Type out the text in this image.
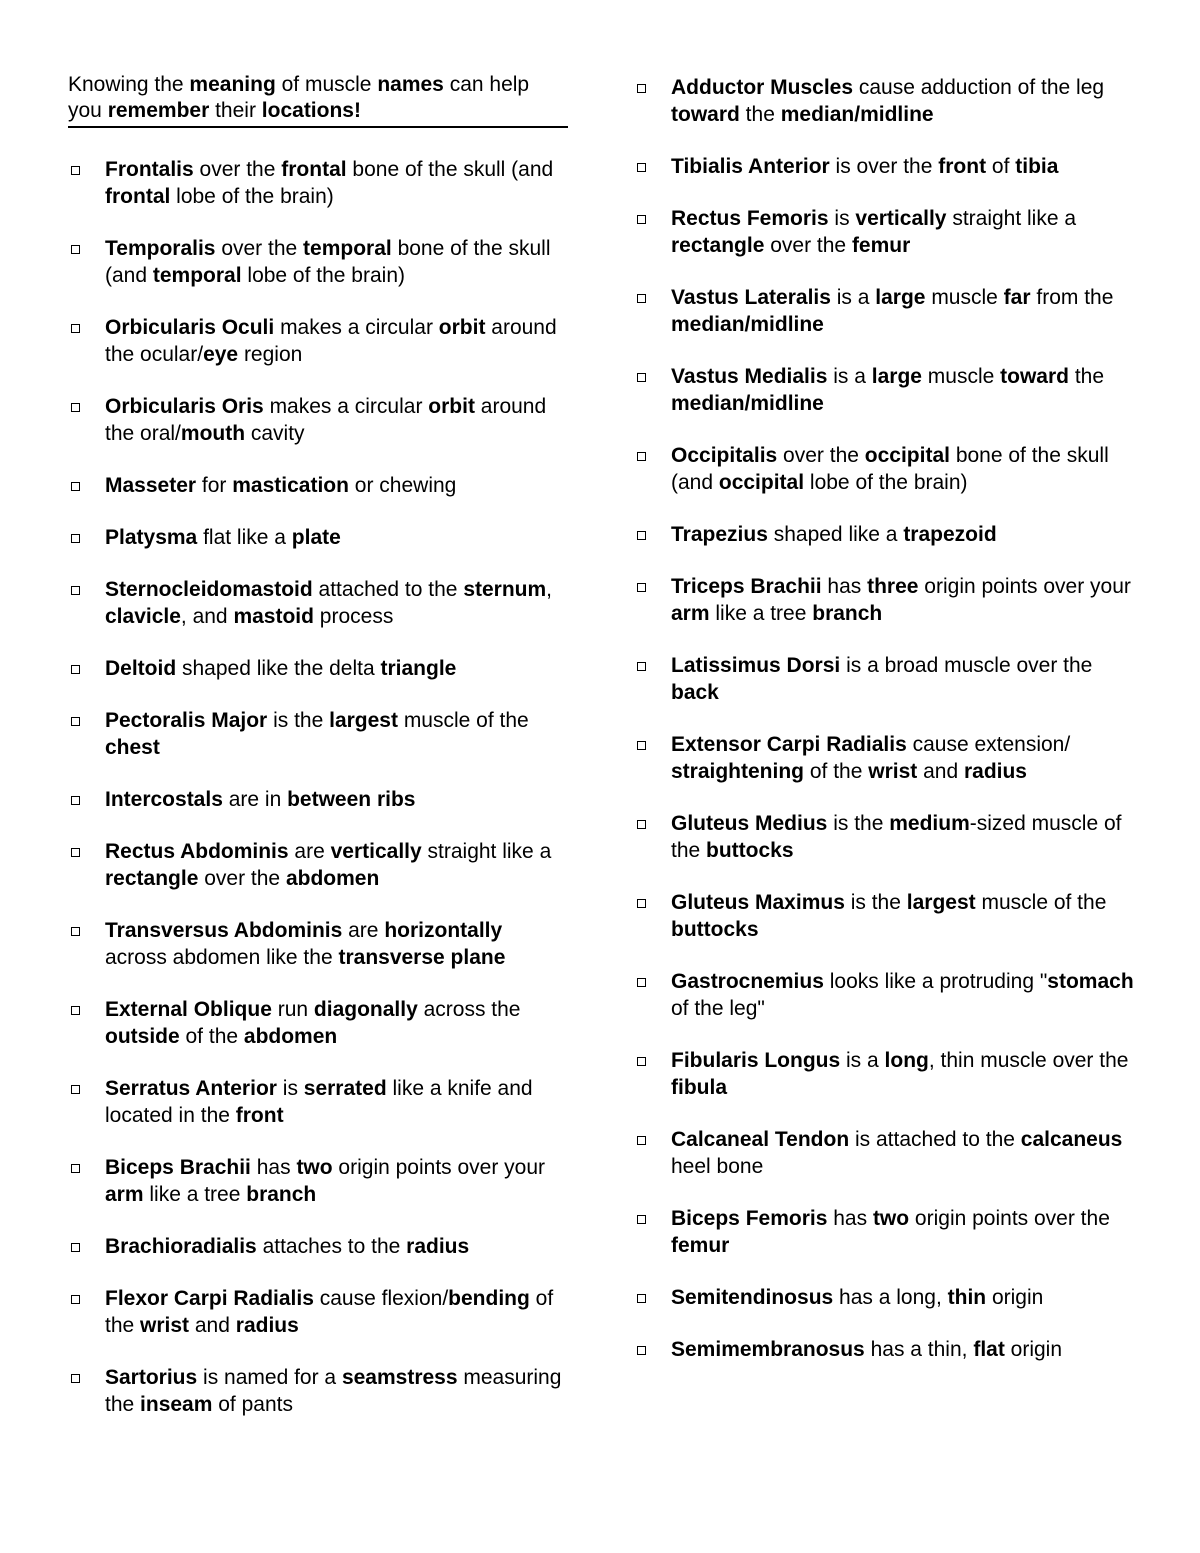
Knowing the meaning of muscle names can help you remember their locations!
Frontalis over the frontal bone of the skull (and frontal lobe of the brain)
Temporalis over the temporal bone of the skull (and temporal lobe of the brain)
Orbicularis Oculi makes a circular orbit around the ocular/eye region
Orbicularis Oris makes a circular orbit around the oral/mouth cavity
Masseter for mastication or chewing
Platysma flat like a plate
Sternocleidomastoid attached to the sternum, clavicle, and mastoid process
Deltoid shaped like the delta triangle
Pectoralis Major is the largest muscle of the chest
Intercostals are in between ribs
Rectus Abdominis are vertically straight like a rectangle over the abdomen
Transversus Abdominis are horizontally across abdomen like the transverse plane
External Oblique run diagonally across the outside of the abdomen
Serratus Anterior is serrated like a knife and located in the front
Biceps Brachii has two origin points over your arm like a tree branch
Brachioradialis attaches to the radius
Flexor Carpi Radialis cause flexion/bending of the wrist and radius
Sartorius is named for a seamstress measuring the inseam of pants
Adductor Muscles cause adduction of the leg toward the median/midline
Tibialis Anterior is over the front of tibia
Rectus Femoris is vertically straight like a rectangle over the femur
Vastus Lateralis is a large muscle far from the median/midline
Vastus Medialis is a large muscle toward the median/midline
Occipitalis over the occipital bone of the skull (and occipital lobe of the brain)
Trapezius shaped like a trapezoid
Triceps Brachii has three origin points over your arm like a tree branch
Latissimus Dorsi is a broad muscle over the back
Extensor Carpi Radialis cause extension/ straightening of the wrist and radius
Gluteus Medius is the medium-sized muscle of the buttocks
Gluteus Maximus is the largest muscle of the buttocks
Gastrocnemius looks like a protruding "stomach of the leg"
Fibularis Longus is a long, thin muscle over the fibula
Calcaneal Tendon is attached to the calcaneus heel bone
Biceps Femoris has two origin points over the femur
Semitendinosus has a long, thin origin
Semimembranosus has a thin, flat origin
